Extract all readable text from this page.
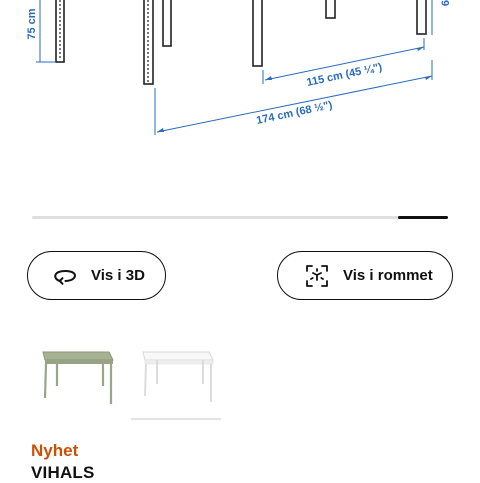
75 cm
115 cm (45 ¼")
174 cm (68 ½")
6
Vis i 3D	Vis i rommet
Nyhet
VIHALS
